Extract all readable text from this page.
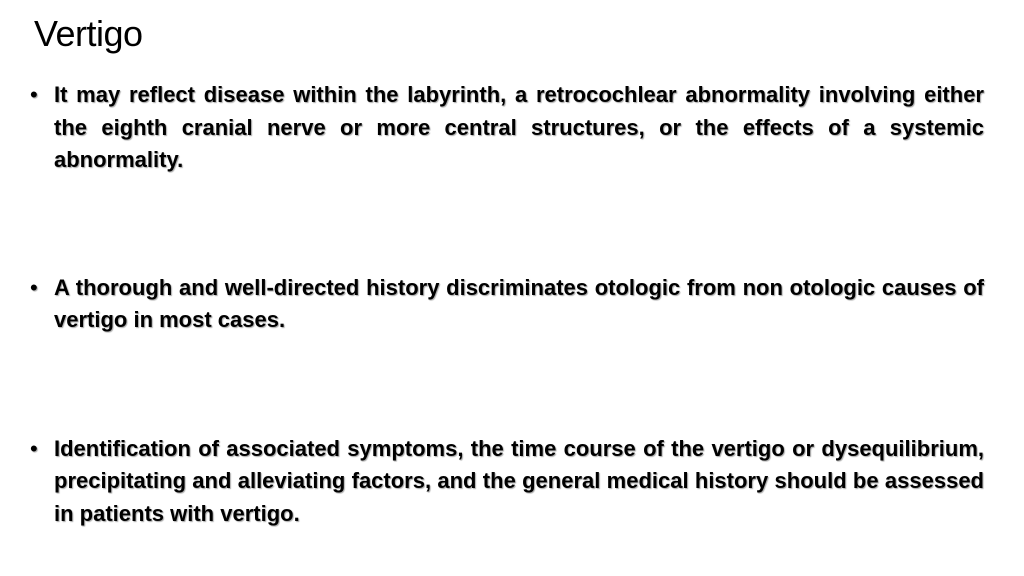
Vertigo
• It may reflect disease within the labyrinth, a retrocochlear abnormality involving either the eighth cranial nerve or more central structures, or the effects of a systemic abnormality.
• A thorough and well-directed history discriminates otologic from non otologic causes of vertigo in most cases.
• Identification of associated symptoms, the time course of the vertigo or dysequilibrium, precipitating and alleviating factors, and the general medical history should be assessed in patients with vertigo.
